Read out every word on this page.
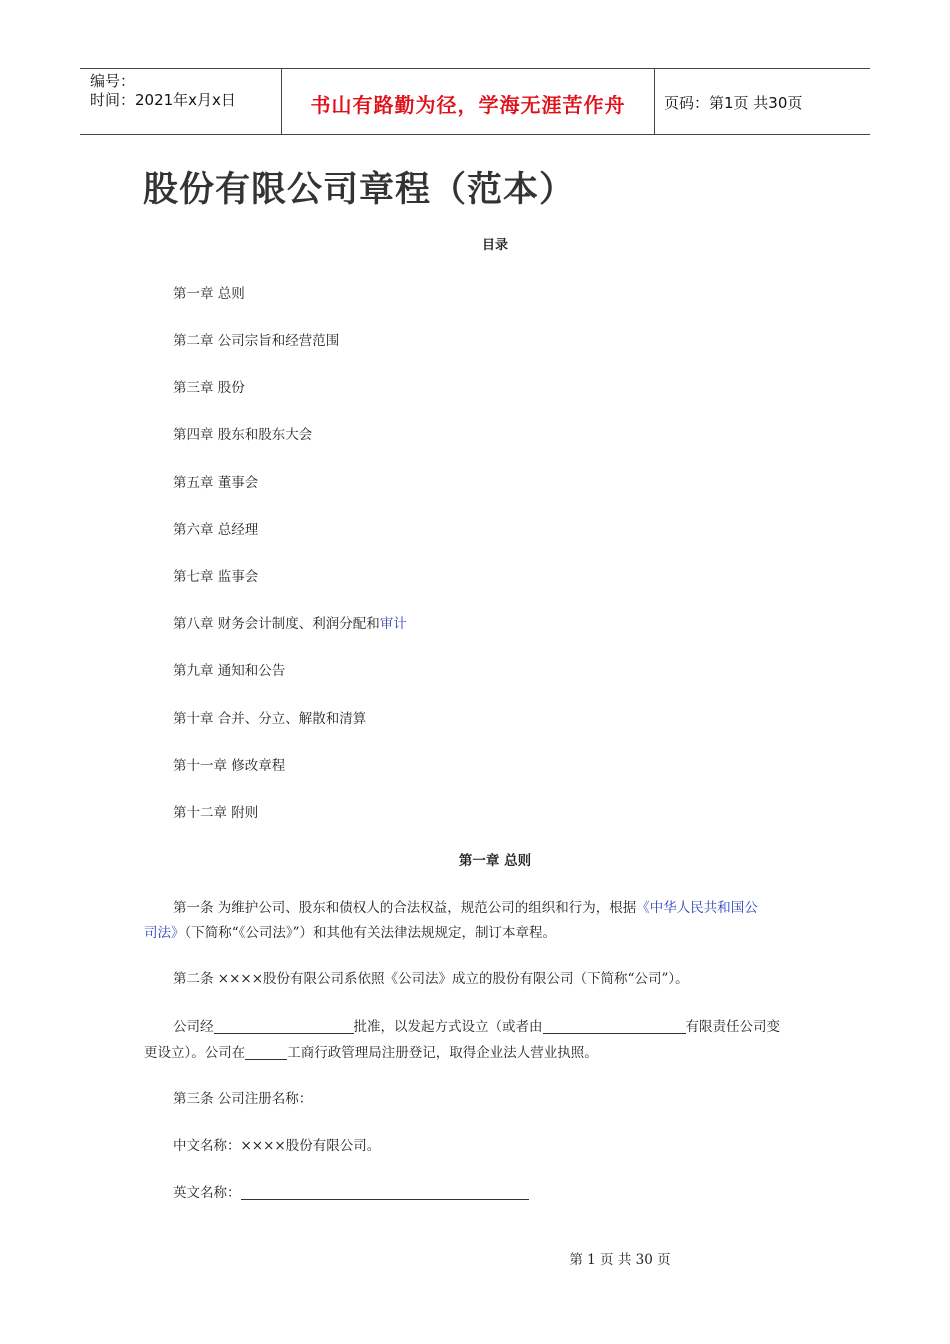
编号：
时间：2021年x月x日	书山有路勤为径，学海无涯苦作舟	页码：第1页 共30页
股份有限公司章程（范本）
目录
第一章 总则
第二章 公司宗旨和经营范围
第三章 股份
第四章 股东和股东大会
第五章 董事会
第六章 总经理
第七章 监事会
第八章 财务会计制度、利润分配和审计
第九章 通知和公告
第十章 合并、分立、解散和清算
第十一章 修改章程
第十二章 附则
第一章 总则
第一条 为维护公司、股东和债权人的合法权益，规范公司的组织和行为，根据《中华人民共和国公
司法》（下简称“《公司法》”）和其他有关法律法规规定，制订本章程。
第二条 ××××股份有限公司系依照《公司法》成立的股份有限公司（下简称“公司”）。
公司经	批准，以发起方式设立（或者由	有限责任公司变
更设立）。公司在	工商行政管理局注册登记，取得企业法人营业执照。
第三条 公司注册名称：
中文名称：××××股份有限公司。
英文名称：
第 1 页 共 30 页
